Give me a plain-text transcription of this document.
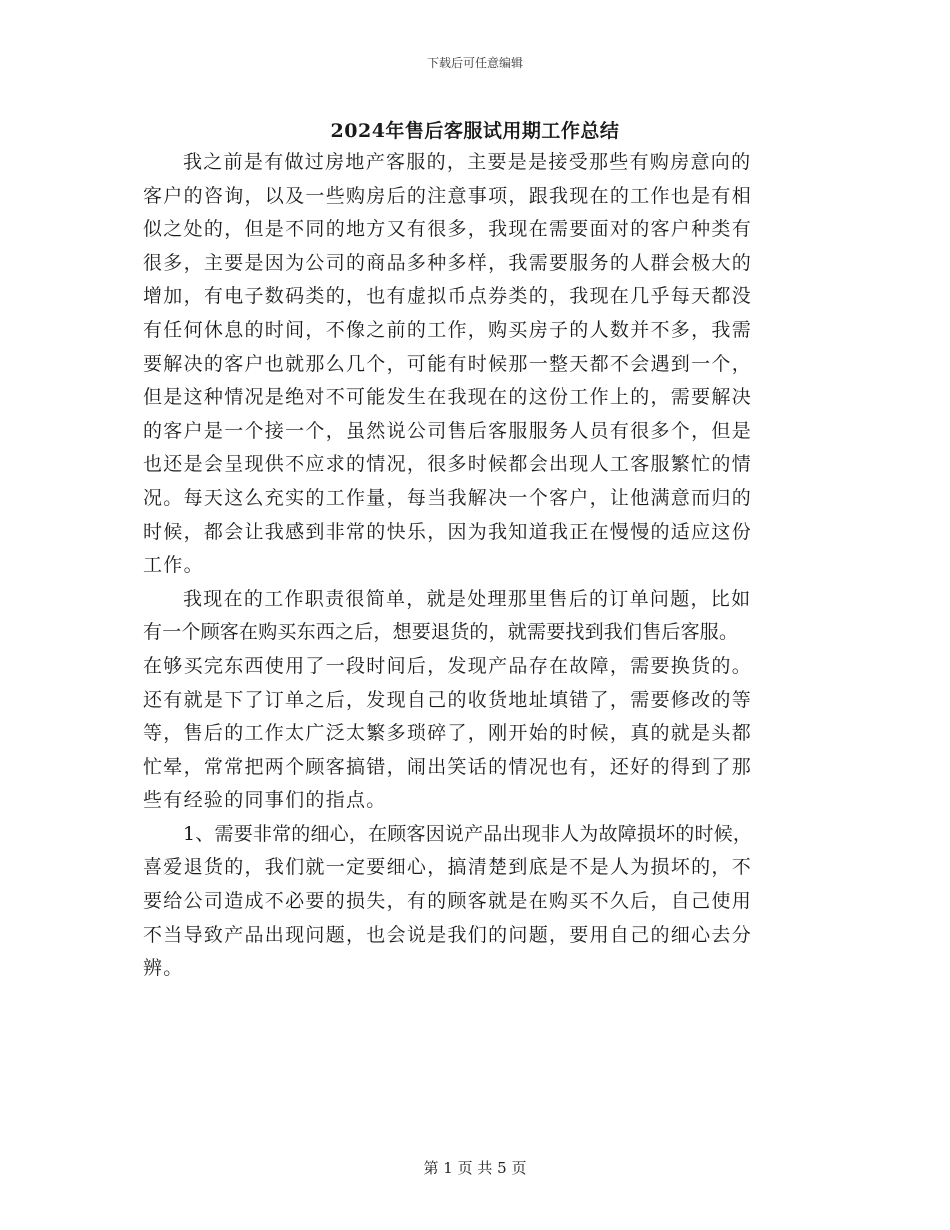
下载后可任意编辑
2024年售后客服试用期工作总结
我之前是有做过房地产客服的，主要是是接受那些有购房意向的
客户的咨询，以及一些购房后的注意事项，跟我现在的工作也是有相
似之处的，但是不同的地方又有很多，我现在需要面对的客户种类有
很多，主要是因为公司的商品多种多样，我需要服务的人群会极大的
增加，有电子数码类的，也有虚拟币点券类的，我现在几乎每天都没
有任何休息的时间，不像之前的工作，购买房子的人数并不多，我需
要解决的客户也就那么几个，可能有时候那一整天都不会遇到一个，
但是这种情况是绝对不可能发生在我现在的这份工作上的，需要解决
的客户是一个接一个，虽然说公司售后客服服务人员有很多个，但是
也还是会呈现供不应求的情况，很多时候都会出现人工客服繁忙的情
况。每天这么充实的工作量，每当我解决一个客户，让他满意而归的
时候，都会让我感到非常的快乐，因为我知道我正在慢慢的适应这份
工作。
我现在的工作职责很简单，就是处理那里售后的订单问题，比如
有一个顾客在购买东西之后，想要退货的，就需要找到我们售后客服。
在够买完东西使用了一段时间后，发现产品存在故障，需要换货的。
还有就是下了订单之后，发现自己的收货地址填错了，需要修改的等
等，售后的工作太广泛太繁多琐碎了，刚开始的时候，真的就是头都
忙晕，常常把两个顾客搞错，闹出笑话的情况也有，还好的得到了那
些有经验的同事们的指点。
1、需要非常的细心，在顾客因说产品出现非人为故障损坏的时候，
喜爱退货的，我们就一定要细心，搞清楚到底是不是人为损坏的，不
要给公司造成不必要的损失，有的顾客就是在购买不久后，自己使用
不当导致产品出现问题，也会说是我们的问题，要用自己的细心去分
辨。
第 1 页 共 5 页
